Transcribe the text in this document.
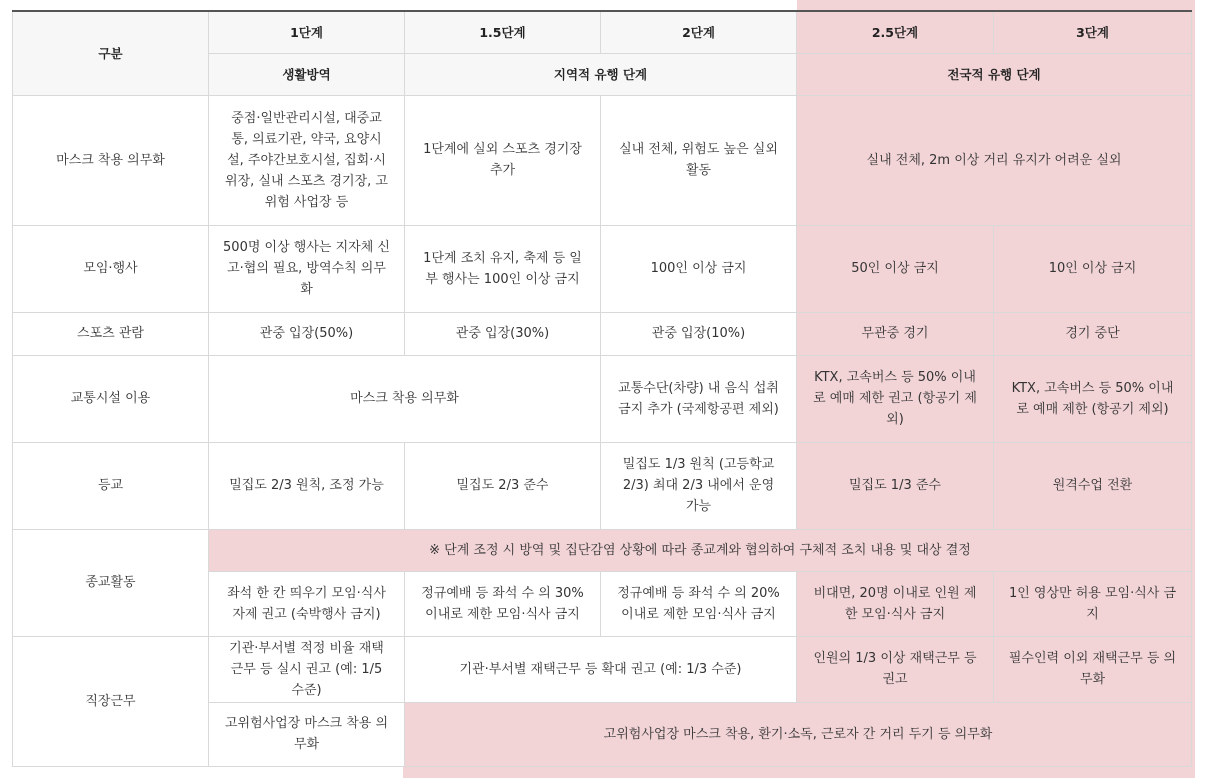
구분	1단계	1.5단계	2단계	2.5단계	3단계
	생활방역	지역적 유행 단계		전국적 유행 단계	
마스크 착용 의무화	중점·일반관리시설, 대중교통, 의료기관, 약국, 요양시설, 주야간보호시설, 집회·시위장, 실내 스포츠 경기장, 고위험 사업장 등	1단계에 실외 스포츠 경기장 추가	실내 전체, 위험도 높은 실외 활동	실내 전체, 2m 이상 거리 유지가 어려운 실외	
모임·행사	500명 이상 행사는 지자체 신고·협의 필요, 방역수칙 의무화	1단계 조치 유지, 축제 등 일부 행사는 100인 이상 금지	100인 이상 금지	50인 이상 금지	10인 이상 금지
스포츠 관람	관중 입장(50%)	관중 입장(30%)	관중 입장(10%)	무관중 경기	경기 중단
교통시설 이용	마스크 착용 의무화		교통수단(차량) 내 음식 섭취 금지 추가 (국제항공편 제외)	KTX, 고속버스 등 50% 이내로 예매 제한 권고 (항공기 제외)	KTX, 고속버스 등 50% 이내로 예매 제한 (항공기 제외)
등교	밀집도 2/3 원칙, 조정 가능	밀집도 2/3 준수	밀집도 1/3 원칙 (고등학교 2/3) 최대 2/3 내에서 운영 가능	밀집도 1/3 준수	원격수업 전환
종교활동	※ 단계 조정 시 방역 및 집단감염 상황에 따라 종교계와 협의하여 구체적 조치 내용 및 대상 결정				
	좌석 한 칸 띄우기 모임·식사 자제 권고 (숙박행사 금지)	정규예배 등 좌석 수 의 30% 이내로 제한 모임·식사 금지	정규예배 등 좌석 수 의 20% 이내로 제한 모임·식사 금지	비대면, 20명 이내로 인원 제한 모임·식사 금지	1인 영상만 허용 모임·식사 금지
직장근무	기관·부서별 적정 비율 재택근무 등 실시 권고 (예: 1/5 수준)	기관·부서별 재택근무 등 확대 권고 (예: 1/3 수준)		인원의 1/3 이상 재택근무 등 권고	필수인력 이외 재택근무 등 의무화
	고위험사업장 마스크 착용 의무화	고위험사업장 마스크 착용, 환기·소독, 근로자 간 거리 두기 등 의무화			
